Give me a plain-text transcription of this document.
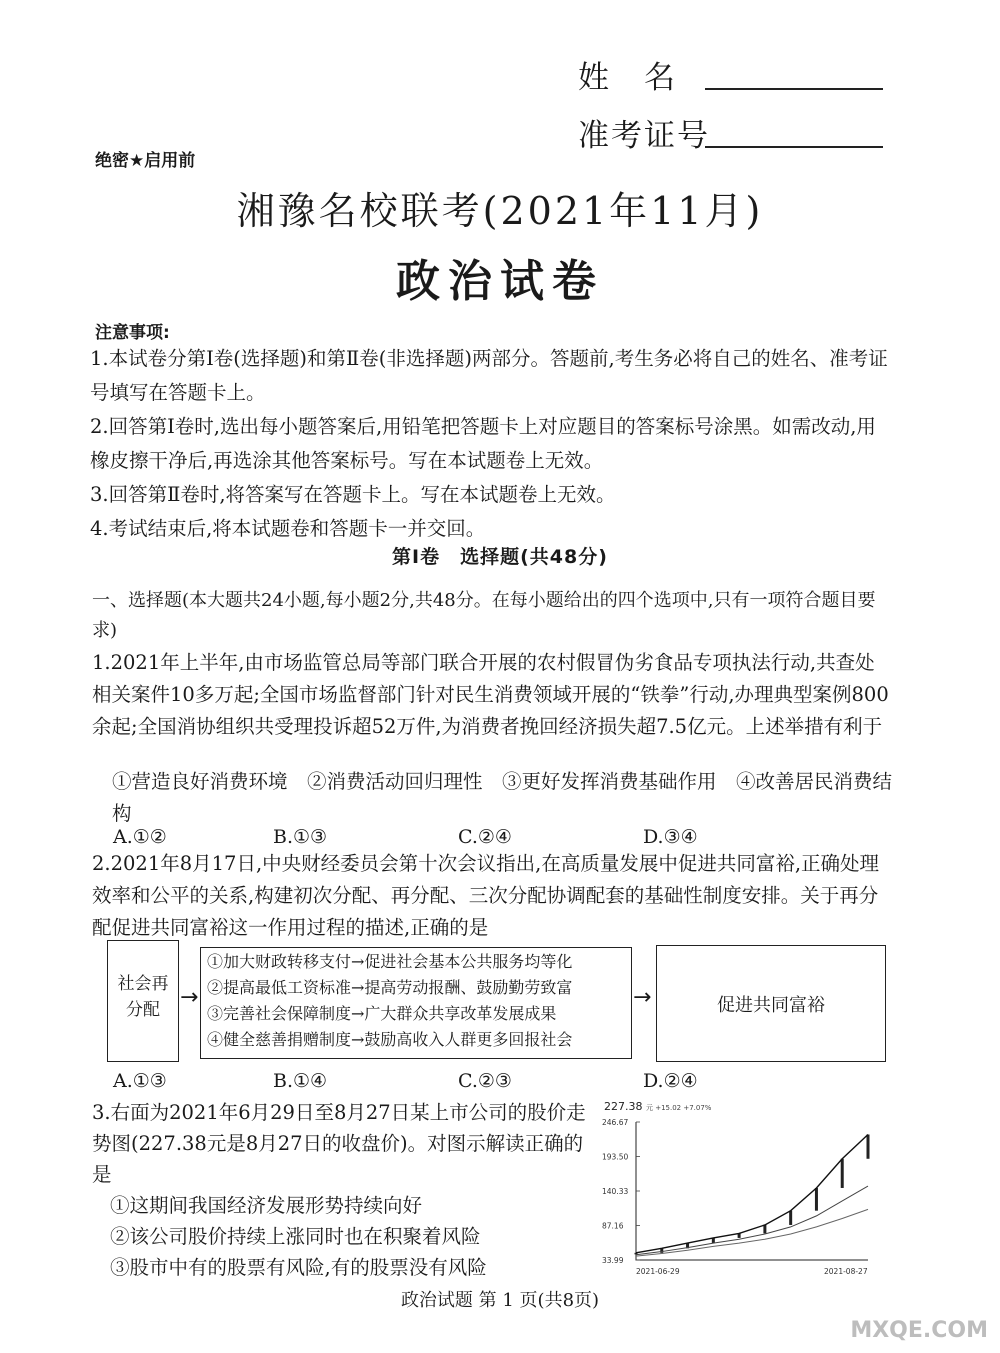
姓　名
准考证号
绝密★启用前
湘豫名校联考(2021年11月)
政治试卷
注意事项:
1.本试卷分第Ⅰ卷(选择题)和第Ⅱ卷(非选择题)两部分。答题前,考生务必将自己的姓名、准考证号填写在答题卡上。
2.回答第Ⅰ卷时,选出每小题答案后,用铅笔把答题卡上对应题目的答案标号涂黑。如需改动,用橡皮擦干净后,再选涂其他答案标号。写在本试题卷上无效。
3.回答第Ⅱ卷时,将答案写在答题卡上。写在本试题卷上无效。
4.考试结束后,将本试题卷和答题卡一并交回。
第Ⅰ卷　选择题(共48分)
一、选择题(本大题共24小题,每小题2分,共48分。在每小题给出的四个选项中,只有一项符合题目要求)
1.2021年上半年,由市场监管总局等部门联合开展的农村假冒伪劣食品专项执法行动,共查处相关案件10多万起;全国市场监督部门针对民生消费领域开展的“铁拳”行动,办理典型案例800余起;全国消协组织共受理投诉超52万件,为消费者挽回经济损失超7.5亿元。上述举措有利于
①营造良好消费环境　②消费活动回归理性　③更好发挥消费基础作用　④改善居民消费结构
A.①②	B.①③	C.②④	D.③④
2.2021年8月17日,中央财经委员会第十次会议指出,在高质量发展中促进共同富裕,正确处理效率和公平的关系,构建初次分配、再分配、三次分配协调配套的基础性制度安排。关于再分配促进共同富裕这一作用过程的描述,正确的是
社会再分配 →
①加大财政转移支付→促进社会基本公共服务均等化
②提高最低工资标准→提高劳动报酬、鼓励勤劳致富
③完善社会保障制度→广大群众共享改革发展成果
④健全慈善捐赠制度→鼓励高收入人群更多回报社会
→	促进共同富裕
A.①③	B.①④	C.②③	D.②④
3.右面为2021年6月29日至8月27日某上市公司的股价走势图(227.38元是8月27日的收盘价)。对图示解读正确的是
①这期间我国经济发展形势持续向好
②该公司股价持续上涨同时也在积聚着风险
③股市中有的股票有风险,有的股票没有风险
227.38 元 +15.02 +7.07%
246.67
193.50
140.33
87.16
33.99
2021-06-29	2021-08-27
政治试题 第 1 页(共8页)
MXQE.COM
